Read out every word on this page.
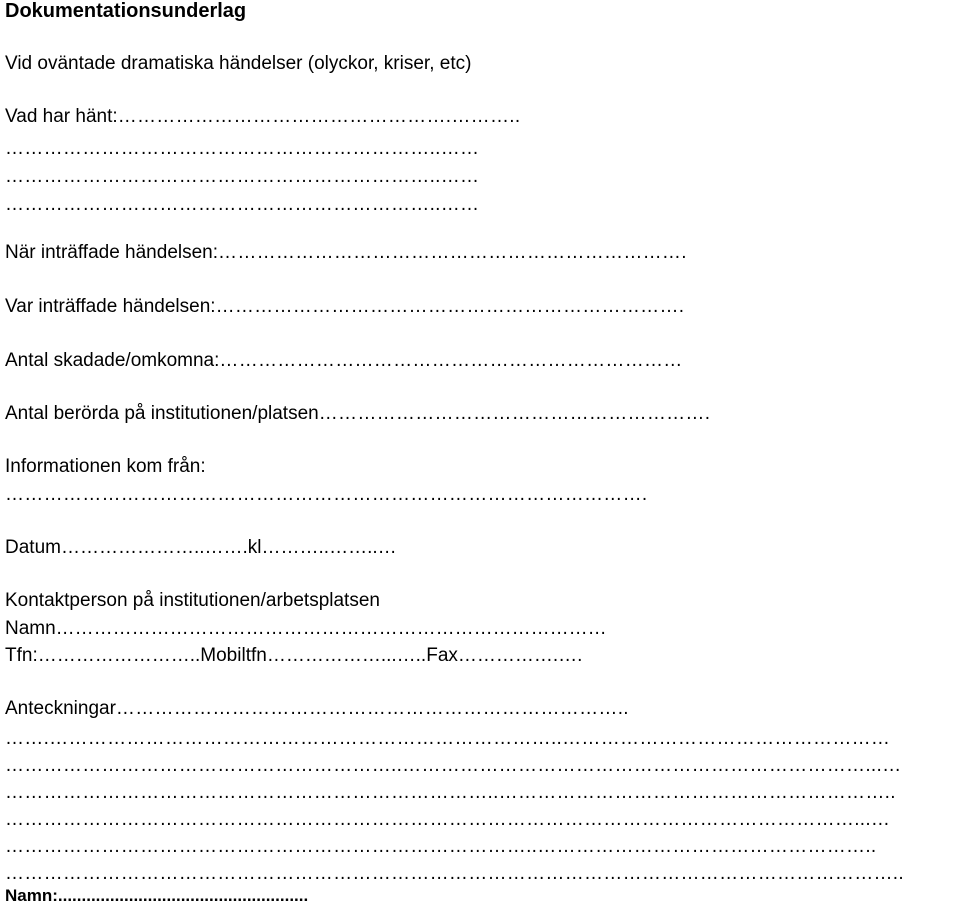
Dokumentationsunderlag
Vid oväntade dramatiska händelser (olyckor, kriser, etc)
Vad har hänt:…………………………………………….………..
…………………………………………………………..……
…………………………………………………………..……
…………………………………………………………..……
När inträffade händelsen:……………………………………………………………….
Var inträffade händelsen:……………………………………………………………….
Antal skadade/omkomna:………………………………………………………………
Antal berörda på institutionen/platsen…………………………………………………….
Informationen kom från:
……………………………………………………………………………………….
Datum…………………..…….kl………..……..…
Kontaktperson på institutionen/arbetsplatsen
Namn……………………………………………………………………………
Tfn:……………………..Mobiltfn………………...…..Fax…………….….
Anteckningar……………………………………………………………………..
…….……………………………………………………………………..……………………………………………
……………………………………………………..………………………………………………………………...…
…………………………………………………………………..……………………………………………………..
……………………………………………………………………………………………………………………...…
………………………………………………………………………..……………………………………………..
…………………………………………………………………………………………………………………………..
Namn:.....................................................
